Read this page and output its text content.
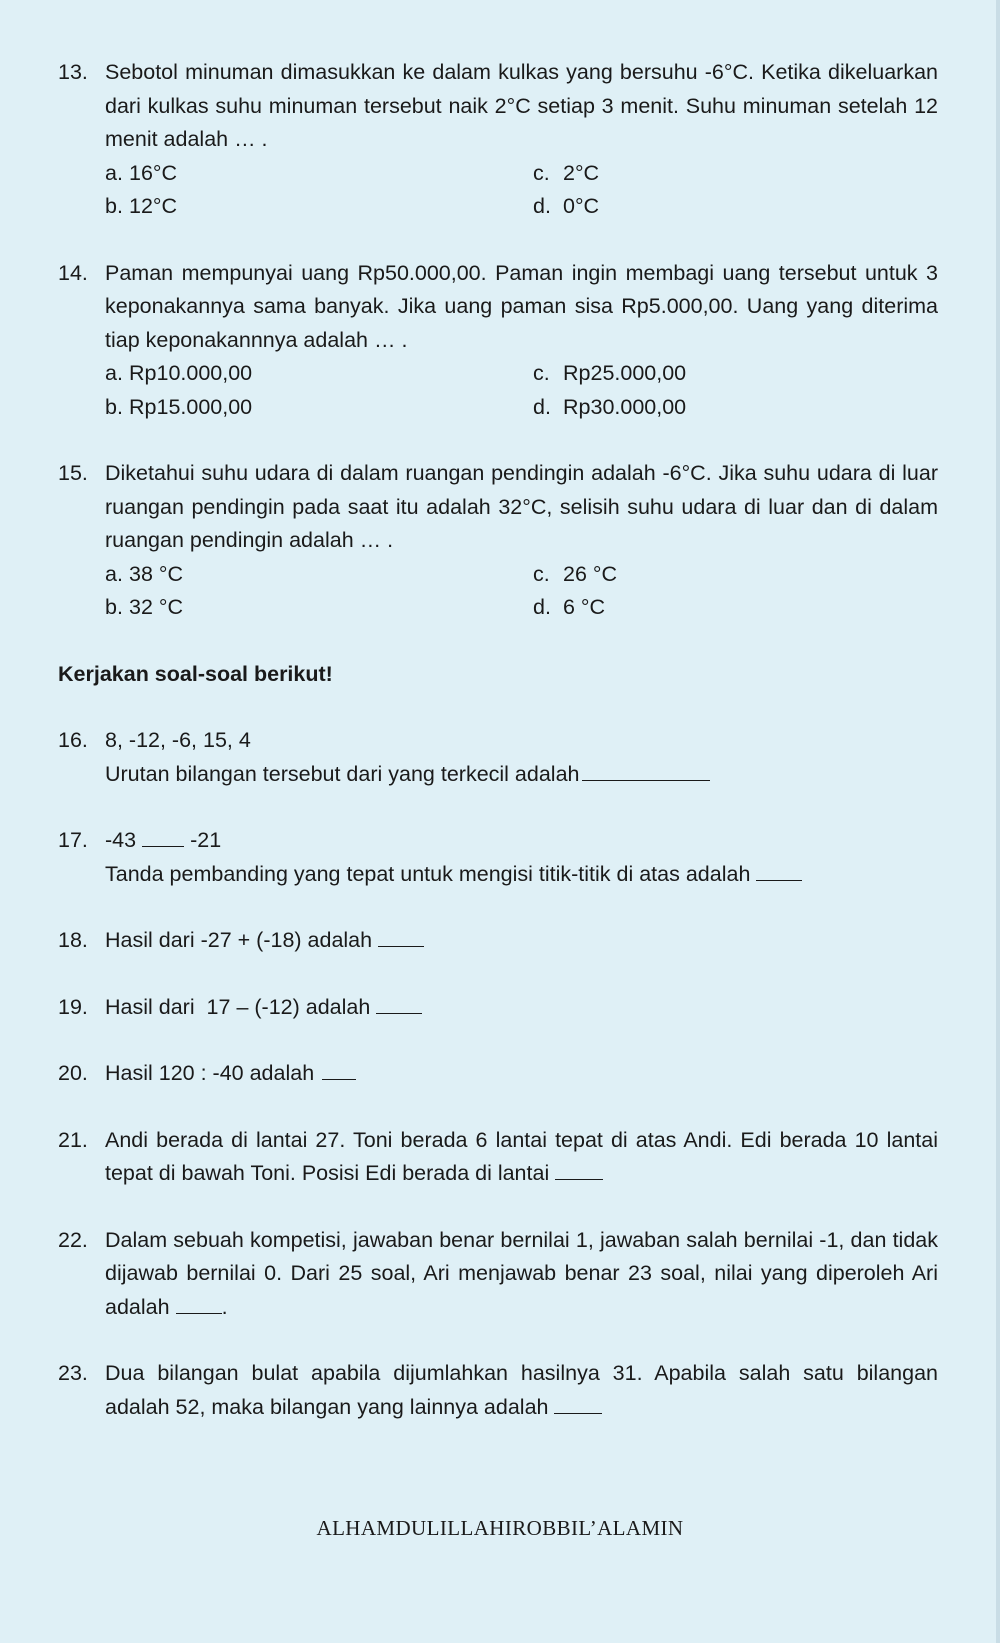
13. Sebotol minuman dimasukkan ke dalam kulkas yang bersuhu -6°C. Ketika dikeluarkan dari kulkas suhu minuman tersebut naik 2°C setiap 3 menit. Suhu minuman setelah 12 menit adalah … .
a. 16°C	c. 2°C
b. 12°C	d. 0°C
14. Paman mempunyai uang Rp50.000,00. Paman ingin membagi uang tersebut untuk 3 keponakannya sama banyak. Jika uang paman sisa Rp5.000,00. Uang yang diterima tiap keponakannnya adalah … .
a. Rp10.000,00	c. Rp25.000,00
b. Rp15.000,00	d. Rp30.000,00
15. Diketahui suhu udara di dalam ruangan pendingin adalah -6°C. Jika suhu udara di luar ruangan pendingin pada saat itu adalah 32°C, selisih suhu udara di luar dan di dalam ruangan pendingin adalah … .
a. 38 °C	c. 26 °C
b. 32 °C	d. 6 °C
Kerjakan soal-soal berikut!
16. 8, -12, -6, 15, 4
Urutan bilangan tersebut dari yang terkecil adalah
17. -43	-21
Tanda pembanding yang tepat untuk mengisi titik-titik di atas adalah
18. Hasil dari -27 + (-18) adalah
19. Hasil dari  17 – (-12) adalah
20. Hasil 120 : -40 adalah
21. Andi berada di lantai 27. Toni berada 6 lantai tepat di atas Andi. Edi berada 10 lantai tepat di bawah Toni. Posisi Edi berada di lantai
22. Dalam sebuah kompetisi, jawaban benar bernilai 1, jawaban salah bernilai -1, dan tidak dijawab bernilai 0. Dari 25 soal, Ari menjawab benar 23 soal, nilai yang diperoleh Ari adalah .
23. Dua bilangan bulat apabila dijumlahkan hasilnya 31. Apabila salah satu bilangan adalah 52, maka bilangan yang lainnya adalah
ALHAMDULILLAHIROBBIL’ALAMIN
